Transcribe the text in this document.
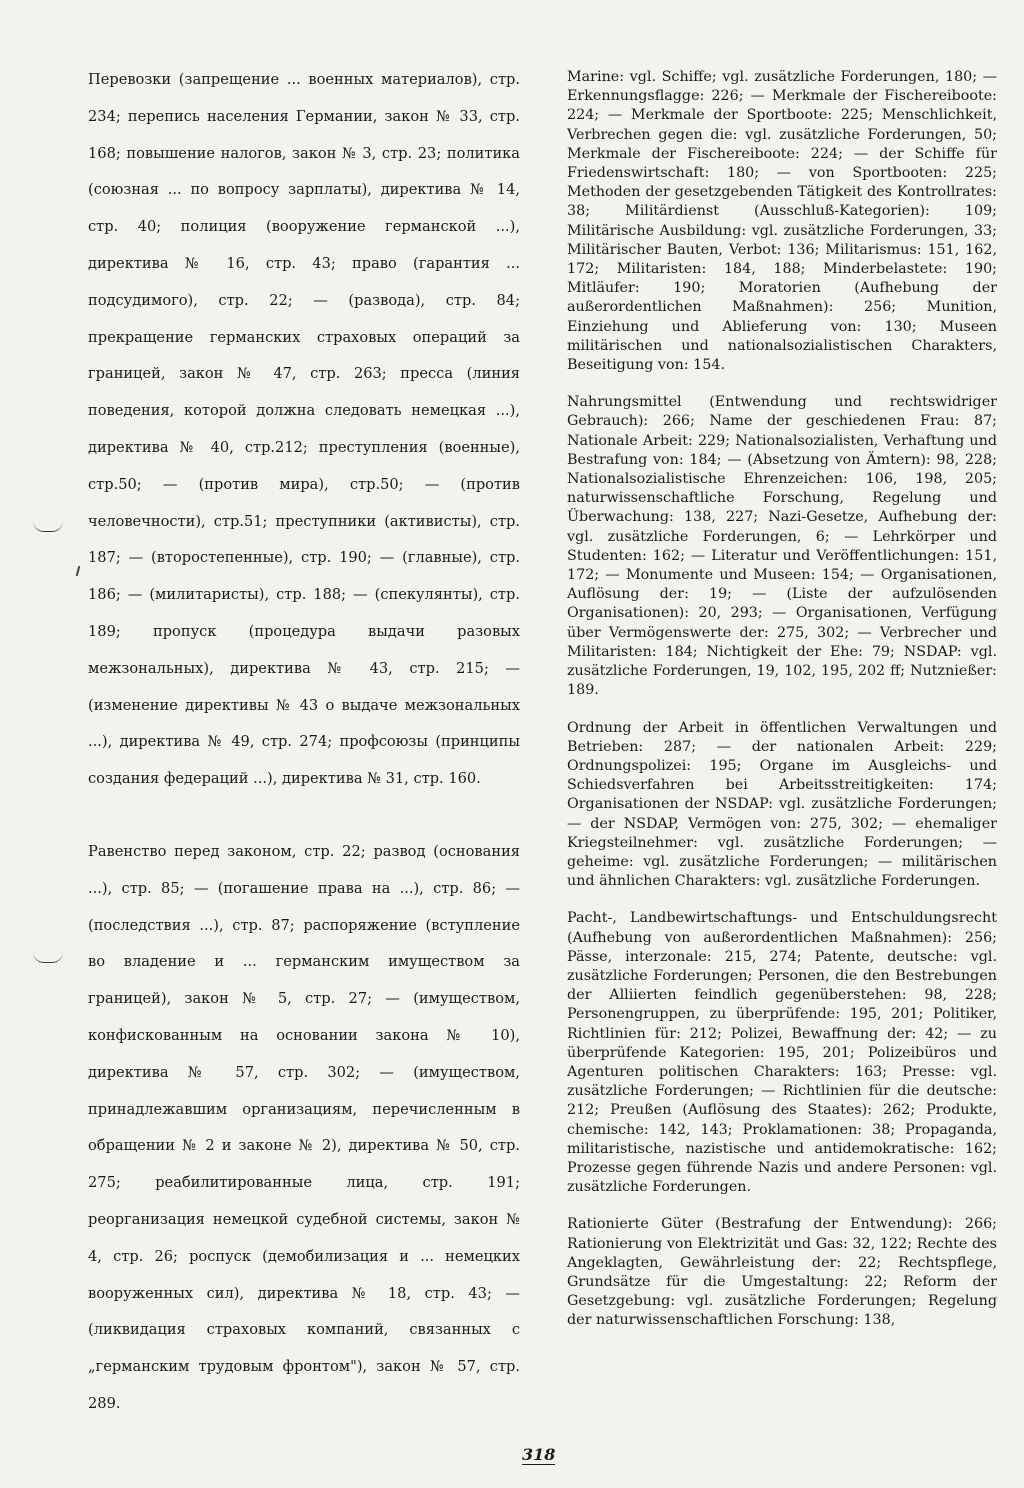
Перевозки (запрещение ... военных материалов), стр. 234; перепись населения Германии, закон № 33, стр. 168; повышение налогов, закон № 3, стр. 23; политика (союзная ... по вопросу зарплаты), директива № 14, стр. 40; полиция (вооружение германской ...), директива № 16, стр. 43; право (гарантия ... подсудимого), стр. 22; — (развода), стр. 84; прекращение германских страховых операций за границей, закон № 47, стр. 263; пресса (линия поведения, которой должна следовать немецкая ...), директива № 40, стр.212; преступления (военные), стр.50; — (против мира), стр.50; — (против человечности), стр.51; преступники (активисты), стр. 187; — (второстепенные), стр. 190; — (главные), стр. 186; — (милитаристы), стр. 188; — (спекулянты), стр. 189; пропуск (процедура выдачи разовых межзональных), директива № 43, стр. 215; — (изменение директивы № 43 о выдаче межзональных ...), директива № 49, стр. 274; профсоюзы (принципы создания федераций ...), директива № 31, стр. 160.

Равенство перед законом, стр. 22; развод (основания ...), стр. 85; — (погашение права на ...), стр. 86; — (последствия ...), стр. 87; распоряжение (вступление во владение и ... германским имуществом за границей), закон № 5, стр. 27; — (имуществом, конфискованным на основании закона № 10), директива № 57, стр. 302; — (имуществом, принадлежавшим организациям, перечисленным в обращении № 2 и законе № 2), директива № 50, стр. 275; реабилитированные лица, стр. 191; реорганизация немецкой судебной системы, закон № 4, стр. 26; роспуск (демобилизация и ... немецких вооруженных сил), директива № 18, стр. 43; — (ликвидация страховых компаний, связанных с „германским трудовым фронтом"), закон № 57, стр. 289.

Marine: vgl. Schiffe; vgl. zusätzliche Forderungen, 180; — Erkennungsflagge: 226; — Merkmale der Fischereiboote: 224; — Merkmale der Sportboote: 225; Menschlichkeit, Verbrechen gegen die: vgl. zusätzliche Forderungen, 50; Merkmale der Fischereiboote: 224; — der Schiffe für Friedenswirtschaft: 180; — von Sportbooten: 225; Methoden der gesetzgebenden Tätigkeit des Kontrollrates: 38; Militärdienst (Ausschluß-Kategorien): 109; Militärische Ausbildung: vgl. zusätzliche Forderungen, 33; Militärischer Bauten, Verbot: 136; Militarismus: 151, 162, 172; Militaristen: 184, 188; Minderbelastete: 190; Mitläufer: 190; Moratorien (Aufhebung der außerordentlichen Maßnahmen): 256; Munition, Einziehung und Ablieferung von: 130; Museen militärischen und nationalsozialistischen Charakters, Beseitigung von: 154.

Nahrungsmittel (Entwendung und rechtswidriger Gebrauch): 266; Name der geschiedenen Frau: 87; Nationale Arbeit: 229; Nationalsozialisten, Verhaftung und Bestrafung von: 184; — (Absetzung von Ämtern): 98, 228; Nationalsozialistische Ehrenzeichen: 106, 198, 205; naturwissenschaftliche Forschung, Regelung und Überwachung: 138, 227; Nazi-Gesetze, Aufhebung der: vgl. zusätzliche Forderungen, 6; — Lehrkörper und Studenten: 162; — Literatur und Veröffentlichungen: 151, 172; — Monumente und Museen: 154; — Organisationen, Auflösung der: 19; — (Liste der aufzulösenden Organisationen): 20, 293; — Organisationen, Verfügung über Vermögenswerte der: 275, 302; — Verbrecher und Militaristen: 184; Nichtigkeit der Ehe: 79; NSDAP: vgl. zusätzliche Forderungen, 19, 102, 195, 202 ff; Nutznießer: 189.

Ordnung der Arbeit in öffentlichen Verwaltungen und Betrieben: 287; — der nationalen Arbeit: 229; Ordnungspolizei: 195; Organe im Ausgleichs- und Schiedsverfahren bei Arbeitsstreitigkeiten: 174; Organisationen der NSDAP: vgl. zusätzliche Forderungen; — der NSDAP, Vermögen von: 275, 302; — ehemaliger Kriegsteilnehmer: vgl. zusätzliche Forderungen; — geheime: vgl. zusätzliche Forderungen; — militärischen und ähnlichen Charakters: vgl. zusätzliche Forderungen.

Pacht-, Landbewirtschaftungs- und Entschuldungsrecht (Aufhebung von außerordentlichen Maßnahmen): 256; Pässe, interzonale: 215, 274; Patente, deutsche: vgl. zusätzliche Forderungen; Personen, die den Bestrebungen der Alliierten feindlich gegenüberstehen: 98, 228; Personengruppen, zu überprüfende: 195, 201; Politiker, Richtlinien für: 212; Polizei, Bewaffnung der: 42; — zu überprüfende Kategorien: 195, 201; Polizeibüros und Agenturen politischen Charakters: 163; Presse: vgl. zusätzliche Forderungen; — Richtlinien für die deutsche: 212; Preußen (Auflösung des Staates): 262; Produkte, chemische: 142, 143; Proklamationen: 38; Propaganda, militaristische, nazistische und antidemokratische: 162; Prozesse gegen führende Nazis und andere Personen: vgl. zusätzliche Forderungen.

Rationierte Güter (Bestrafung der Entwendung): 266; Rationierung von Elektrizität und Gas: 32, 122; Rechte des Angeklagten, Gewährleistung der: 22; Rechtspflege, Grundsätze für die Umgestaltung: 22; Reform der Gesetzgebung: vgl. zusätzliche Forderungen; Regelung der naturwissenschaftlichen Forschung: 138,

318
